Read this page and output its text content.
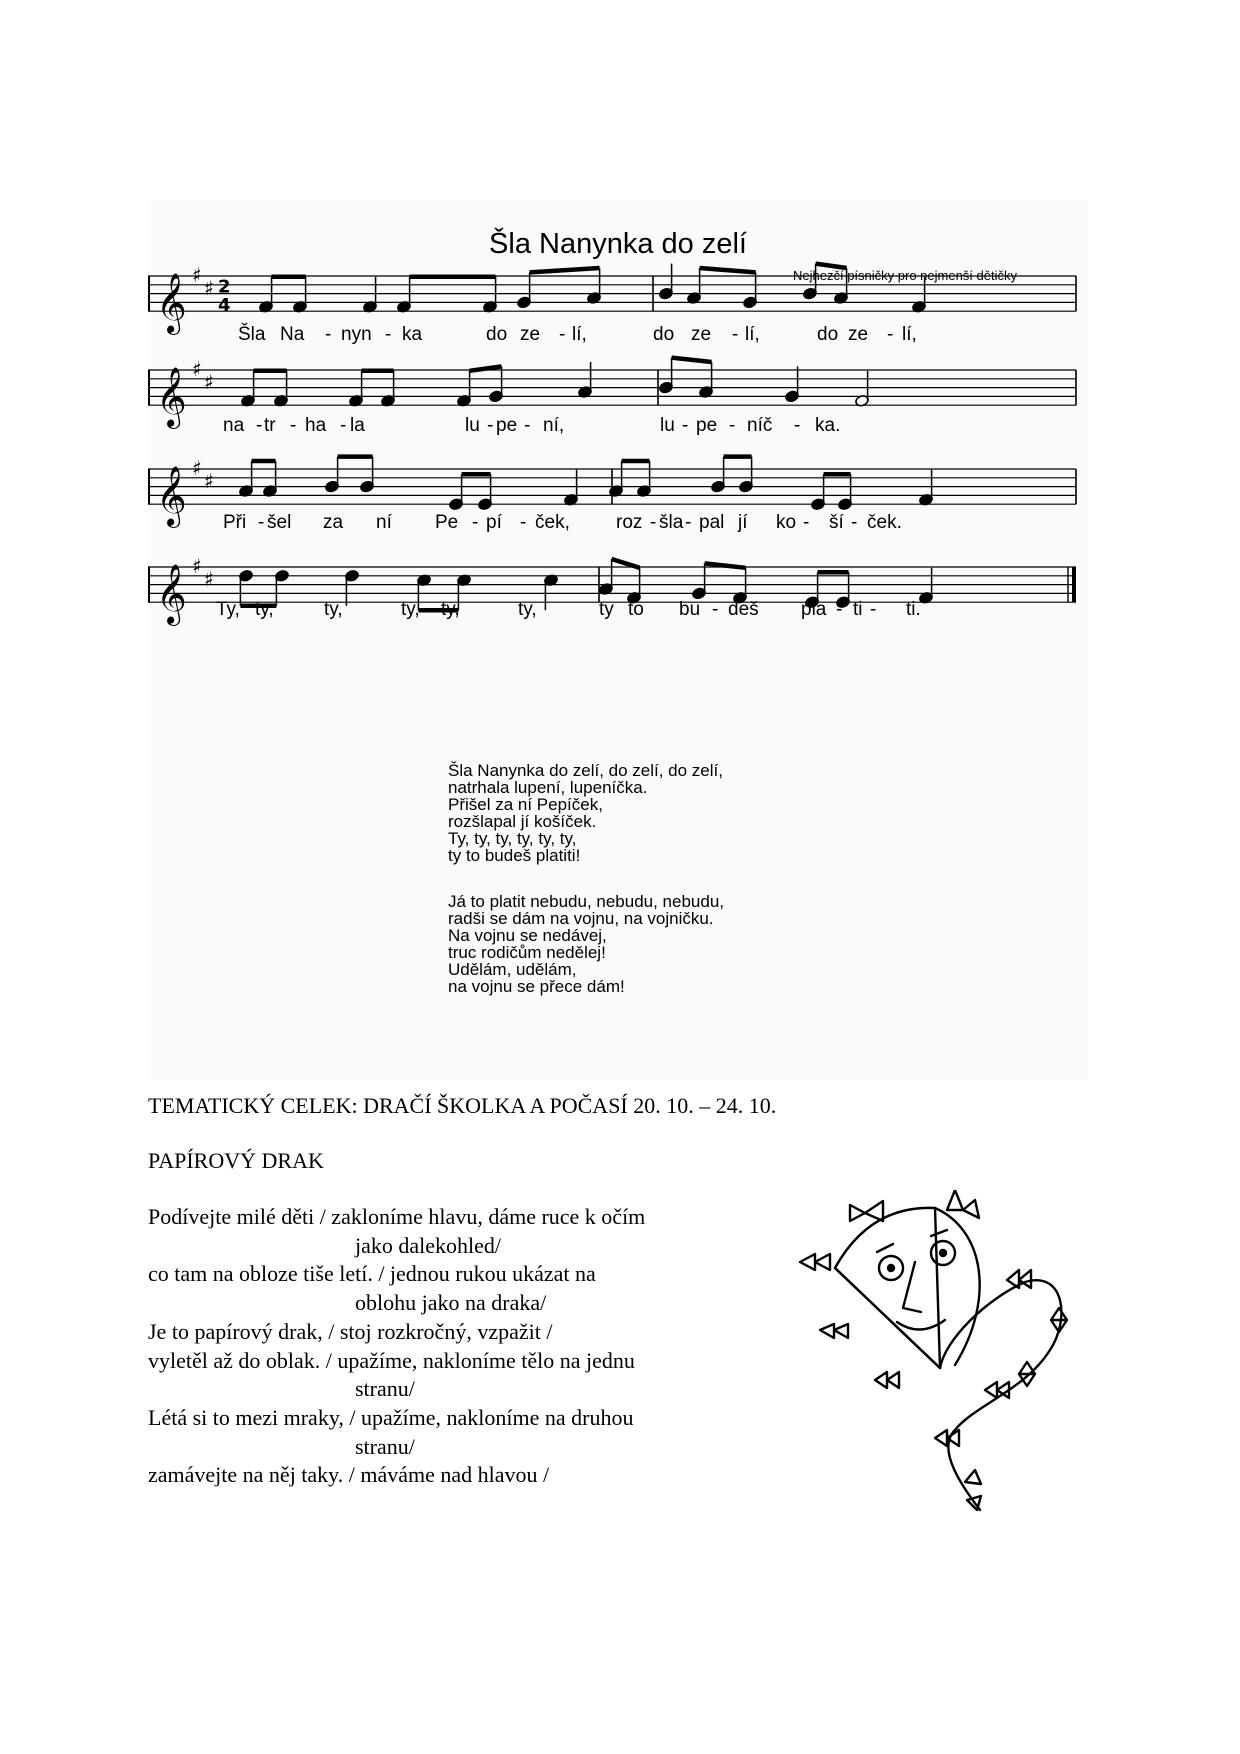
Šla Nanynka do zelí
Nejhezčí písničky pro nejmenší dětičky
𝄞 ♯
♯ 2
4
𝄞 ♯
♯
𝄞 ♯
♯
𝄞 ♯
♯
Šla Na - nyn - ka	do ze - lí,	do ze - lí,	do ze - lí,
na - tr - ha - la	lu - pe - ní,	lu - pe - níč - ka.
Při - šel za ní Pe - pí - ček, roz - šla - pal jí ko - ší - ček.
Ty, ty,	ty,	ty, ty,	ty,	ty to bu - deš pla - ti - ti.
Šla Nanynka do zelí, do zelí, do zelí,
natrhala lupení, lupeníčka.
Přišel za ní Pepíček,
rozšlapal jí košíček.
Ty, ty, ty, ty, ty, ty,
ty to budeš platiti!
Já to platit nebudu, nebudu, nebudu,
radši se dám na vojnu, na vojničku.
Na vojnu se nedávej,
truc rodičům nedělej!
Udělám, udělám,
na vojnu se přece dám!
TEMATICKÝ CELEK: DRAČÍ ŠKOLKA A POČASÍ 20. 10. – 24. 10.
PAPÍROVÝ DRAK
Podívejte milé děti / zakloníme hlavu, dáme ruce k očím
jako dalekohled/
co tam na obloze tiše letí. / jednou rukou ukázat na
oblohu jako na draka/
Je to papírový drak, / stoj rozkročný, vzpažit /
vyletěl až do oblak. / upažíme, nakloníme tělo na jednu
stranu/
Létá si to mezi mraky, / upažíme, nakloníme na druhou
stranu/
zamávejte na něj taky. / máváme nad hlavou /
